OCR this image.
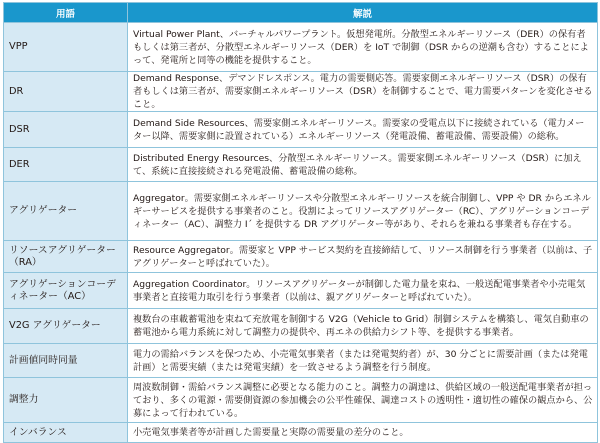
用語	解説
VPP	Virtual Power Plant、バーチャルパワープラント。仮想発電所。分散型エネルギーリソース（DER）の保有者もしくは第三者が、分散型エネルギーリソース（DER）を IoT で制御（DSR からの逆潮も含む）することによって、発電所と同等の機能を提供すること。
DR	Demand Response、デマンドレスポンス。電力の需要側応答。需要家側エネルギーリソース（DSR）の保有者もしくは第三者が、需要家側エネルギーリソース（DSR）を制御することで、電力需要パターンを変化させること。
DSR	Demand Side Resources、需要家側エネルギーリソース。需要家の受電点以下に接続されている（電力メーター以降、需要家側に設置されている）エネルギーリソース（発電設備、蓄電設備、需要設備）の総称。
DER	Distributed Energy Resources、分散型エネルギーリソース。需要家側エネルギーリソース（DSR）に加えて、系統に直接接続される発電設備、蓄電設備の総称。
アグリゲーター	Aggregator。需要家側エネルギーリソースや分散型エネルギーリソースを統合制御し、VPP や DR からエネルギーサービスを提供する事業者のこと。役割によってリソースアグリゲーター（RC）、アグリゲーションコーディネーター（AC）、調整力 I´ を提供する DR アグリゲーター等があり、それらを兼ねる事業者も存在する。
リソースアグリゲーター（RA）	Resource Aggregator。需要家と VPP サービス契約を直接締結して、リソース制御を行う事業者（以前は、子アグリゲーターと呼ばれていた）。
アグリゲーションコーディネーター（AC）	Aggregation Coordinator。リソースアグリゲーターが制御した電力量を束ね、一般送配電事業者や小売電気事業者と直接電力取引を行う事業者（以前は、親アグリゲーターと呼ばれていた）。
V2G アグリゲーター	複数台の車載蓄電池を束ねて充放電を制御する V2G（Vehicle to Grid）制御システムを構築し、電気自動車の蓄電池から電力系統に対して調整力の提供や、再エネの供給力シフト等、を提供する事業者。
計画値同時同量	電力の需給バランスを保つため、小売電気事業者（または発電契約者）が、30 分ごとに需要計画（または発電計画）と需要実績（または発電実績）を一致させるよう調整を行う制度。
調整力	周波数制御・需給バランス調整に必要となる能力のこと。調整力の調達は、供給区域の一般送配電事業者が担っており、多くの電源・需要側資源の参加機会の公平性確保、調達コストの透明性・適切性の確保の観点から、公募によって行われている。
インバランス	小売電気事業者等が計画した需要量と実際の需要量の差分のこと。
